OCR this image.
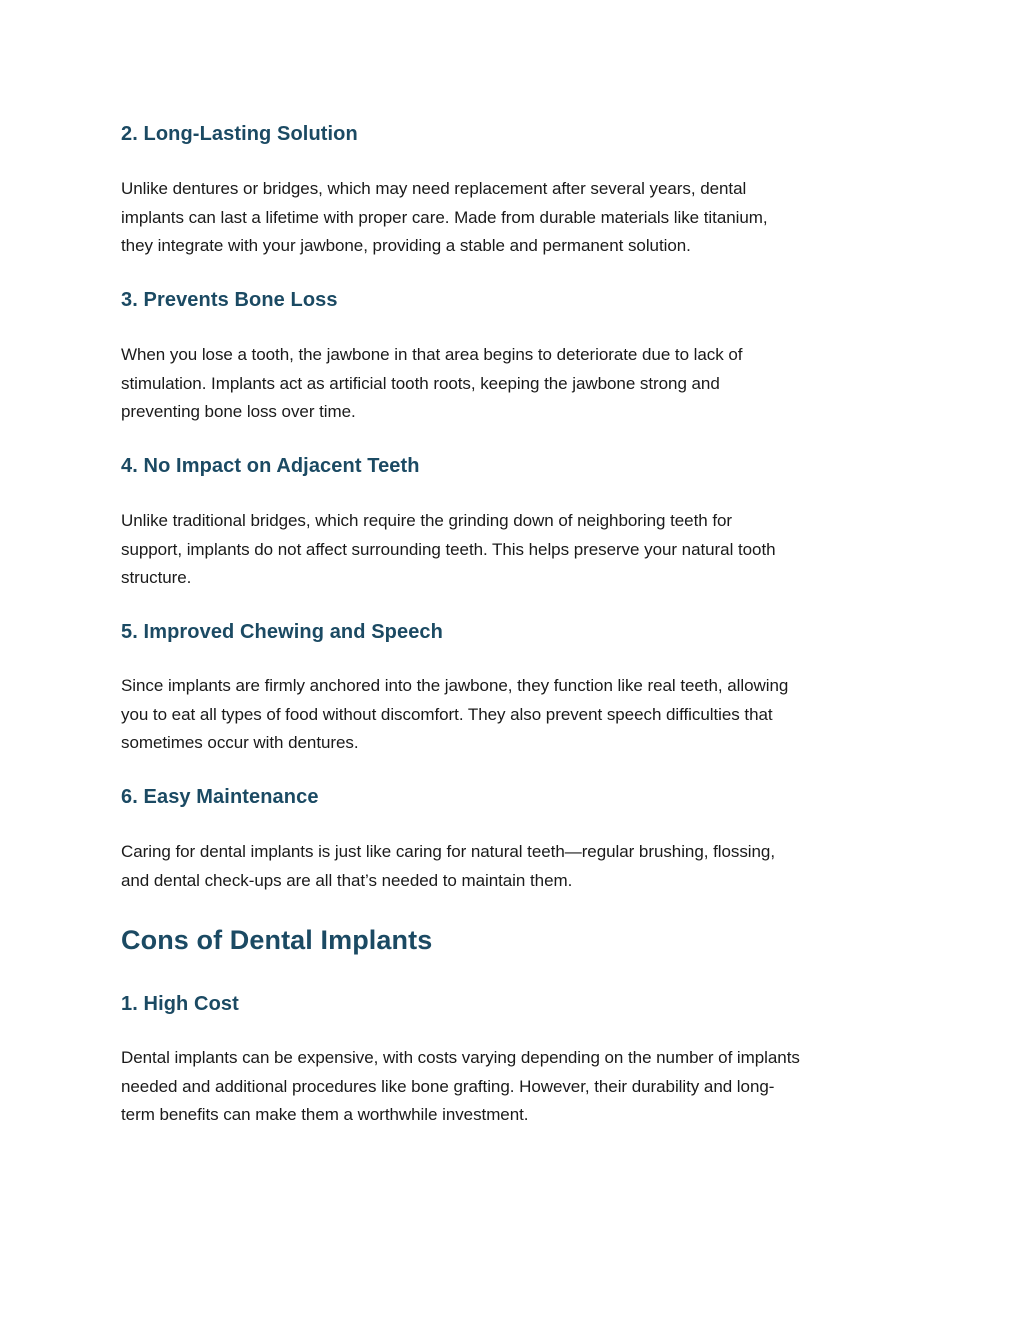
2. Long-Lasting Solution

Unlike dentures or bridges, which may need replacement after several years, dental
implants can last a lifetime with proper care. Made from durable materials like titanium,
they integrate with your jawbone, providing a stable and permanent solution.

3. Prevents Bone Loss

When you lose a tooth, the jawbone in that area begins to deteriorate due to lack of
stimulation. Implants act as artificial tooth roots, keeping the jawbone strong and
preventing bone loss over time.

4. No Impact on Adjacent Teeth

Unlike traditional bridges, which require the grinding down of neighboring teeth for
support, implants do not affect surrounding teeth. This helps preserve your natural tooth
structure.

5. Improved Chewing and Speech

Since implants are firmly anchored into the jawbone, they function like real teeth, allowing
you to eat all types of food without discomfort. They also prevent speech difficulties that
sometimes occur with dentures.

6. Easy Maintenance

Caring for dental implants is just like caring for natural teeth—regular brushing, flossing,
and dental check-ups are all that’s needed to maintain them.

Cons of Dental Implants
1. High Cost

Dental implants can be expensive, with costs varying depending on the number of implants
needed and additional procedures like bone grafting. However, their durability and long-
term benefits can make them a worthwhile investment.
